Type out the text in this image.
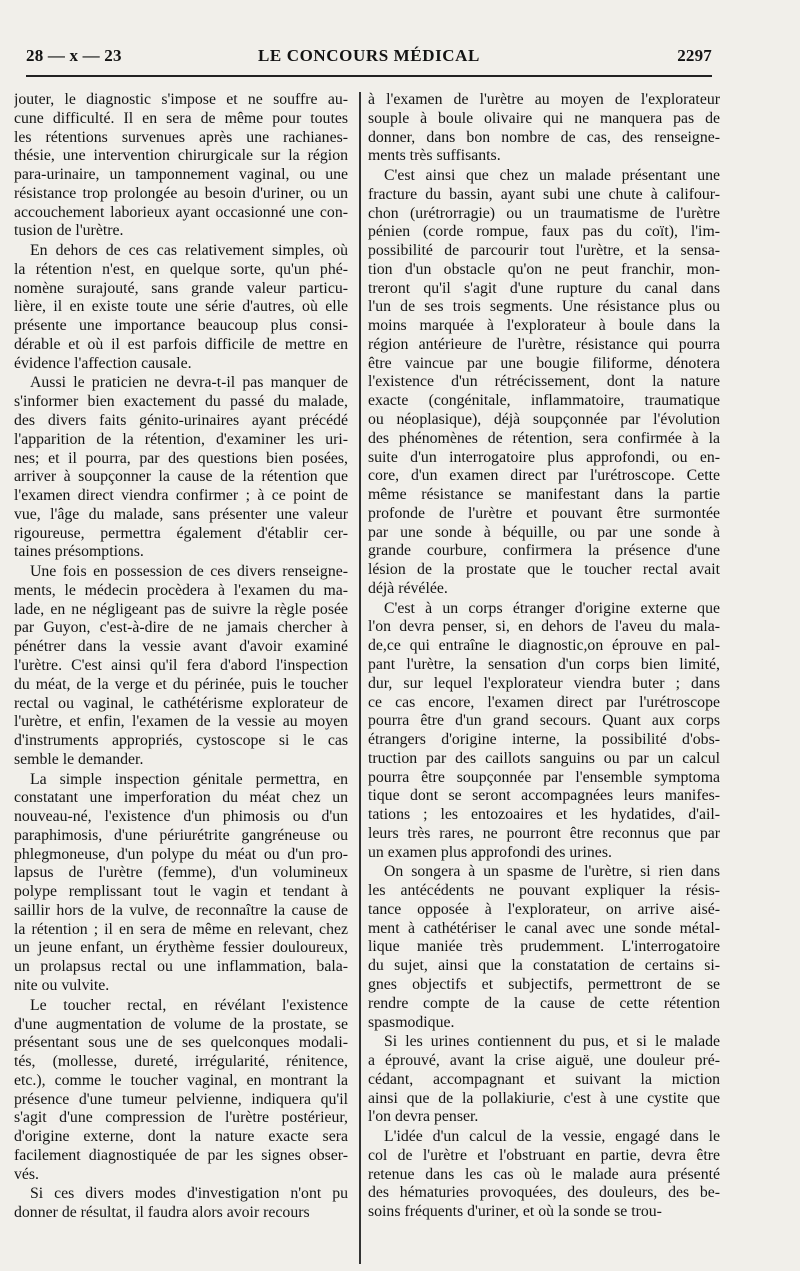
28 — x — 23	LE CONCOURS MÉDICAL	2297

jouter, le diagnostic s'impose et ne souffre au-
cune difficulté. Il en sera de même pour toutes
les rétentions survenues après une rachianes-
thésie, une intervention chirurgicale sur la région
para-urinaire, un tamponnement vaginal, ou une
résistance trop prolongée au besoin d'uriner, ou un
accouchement laborieux ayant occasionné une con-
tusion de l'urètre.

En dehors de ces cas relativement simples, où
la rétention n'est, en quelque sorte, qu'un phé-
nomène surajouté, sans grande valeur particu-
lière, il en existe toute une série d'autres, où elle
présente une importance beaucoup plus consi-
dérable et où il est parfois difficile de mettre en
évidence l'affection causale.

Aussi le praticien ne devra-t-il pas manquer de
s'informer bien exactement du passé du malade,
des divers faits génito-urinaires ayant précédé
l'apparition de la rétention, d'examiner les uri-
nes; et il pourra, par des questions bien posées,
arriver à soupçonner la cause de la rétention que
l'examen direct viendra confirmer ; à ce point de
vue, l'âge du malade, sans présenter une valeur
rigoureuse, permettra également d'établir cer-
taines présomptions.

Une fois en possession de ces divers renseigne-
ments, le médecin procèdera à l'examen du ma-
lade, en ne négligeant pas de suivre la règle posée
par Guyon, c'est-à-dire de ne jamais chercher à
pénétrer dans la vessie avant d'avoir examiné
l'urètre. C'est ainsi qu'il fera d'abord l'inspection
du méat, de la verge et du périnée, puis le toucher
rectal ou vaginal, le cathétérisme explorateur de
l'urètre, et enfin, l'examen de la vessie au moyen
d'instruments appropriés, cystoscope si le cas
semble le demander.

La simple inspection génitale permettra, en
constatant une imperforation du méat chez un
nouveau-né, l'existence d'un phimosis ou d'un
paraphimosis, d'une périurétrite gangréneuse ou
phlegmoneuse, d'un polype du méat ou d'un pro-
lapsus de l'urètre (femme), d'un volumineux
polype remplissant tout le vagin et tendant à
saillir hors de la vulve, de reconnaître la cause de
la rétention ; il en sera de même en relevant, chez
un jeune enfant, un érythème fessier douloureux,
un prolapsus rectal ou une inflammation, bala-
nite ou vulvite.

Le toucher rectal, en révélant l'existence
d'une augmentation de volume de la prostate, se
présentant sous une de ses quelconques modali-
tés, (mollesse, dureté, irrégularité, rénitence,
etc.), comme le toucher vaginal, en montrant la
présence d'une tumeur pelvienne, indiquera qu'il
s'agit d'une compression de l'urètre postérieur,
d'origine externe, dont la nature exacte sera
facilement diagnostiquée de par les signes obser-
vés.

Si ces divers modes d'investigation n'ont pu
donner de résultat, il faudra alors avoir recours

à l'examen de l'urètre au moyen de l'explorateur
souple à boule olivaire qui ne manquera pas de
donner, dans bon nombre de cas, des renseigne-
ments très suffisants.

C'est ainsi que chez un malade présentant une
fracture du bassin, ayant subi une chute à califour-
chon (urétrorragie) ou un traumatisme de l'urètre
pénien (corde rompue, faux pas du coït), l'im-
possibilité de parcourir tout l'urètre, et la sensa-
tion d'un obstacle qu'on ne peut franchir, mon-
treront qu'il s'agit d'une rupture du canal dans
l'un de ses trois segments. Une résistance plus ou
moins marquée à l'explorateur à boule dans la
région antérieure de l'urètre, résistance qui pourra
être vaincue par une bougie filiforme, dénotera
l'existence d'un rétrécissement, dont la nature
exacte (congénitale, inflammatoire, traumatique
ou néoplasique), déjà soupçonnée par l'évolution
des phénomènes de rétention, sera confirmée à la
suite d'un interrogatoire plus approfondi, ou en-
core, d'un examen direct par l'urétroscope. Cette
même résistance se manifestant dans la partie
profonde de l'urètre et pouvant être surmontée
par une sonde à béquille, ou par une sonde à
grande courbure, confirmera la présence d'une
lésion de la prostate que le toucher rectal avait
déjà révélée.

C'est à un corps étranger d'origine externe que
l'on devra penser, si, en dehors de l'aveu du mala-
de,ce qui entraîne le diagnostic,on éprouve en pal-
pant l'urètre, la sensation d'un corps bien limité,
dur, sur lequel l'explorateur viendra buter ; dans
ce cas encore, l'examen direct par l'urétroscope
pourra être d'un grand secours. Quant aux corps
étrangers d'origine interne, la possibilité d'obs-
truction par des caillots sanguins ou par un calcul
pourra être soupçonnée par l'ensemble symptoma
tique dont se seront accompagnées leurs manifes-
tations ; les entozoaires et les hydatides, d'ail-
leurs très rares, ne pourront être reconnus que par
un examen plus approfondi des urines.

On songera à un spasme de l'urètre, si rien dans
les antécédents ne pouvant expliquer la résis-
tance opposée à l'explorateur, on arrive aisé-
ment à cathétériser le canal avec une sonde métal-
lique maniée très prudemment. L'interrogatoire
du sujet, ainsi que la constatation de certains si-
gnes objectifs et subjectifs, permettront de se
rendre compte de la cause de cette rétention
spasmodique.

Si les urines contiennent du pus, et si le malade
a éprouvé, avant la crise aiguë, une douleur pré-
cédant, accompagnant et suivant la miction
ainsi que de la pollakiurie, c'est à une cystite que
l'on devra penser.

L'idée d'un calcul de la vessie, engagé dans le
col de l'urètre et l'obstruant en partie, devra être
retenue dans les cas où le malade aura présenté
des hématuries provoquées, des douleurs, des be-
soins fréquents d'uriner, et où la sonde se trou-
